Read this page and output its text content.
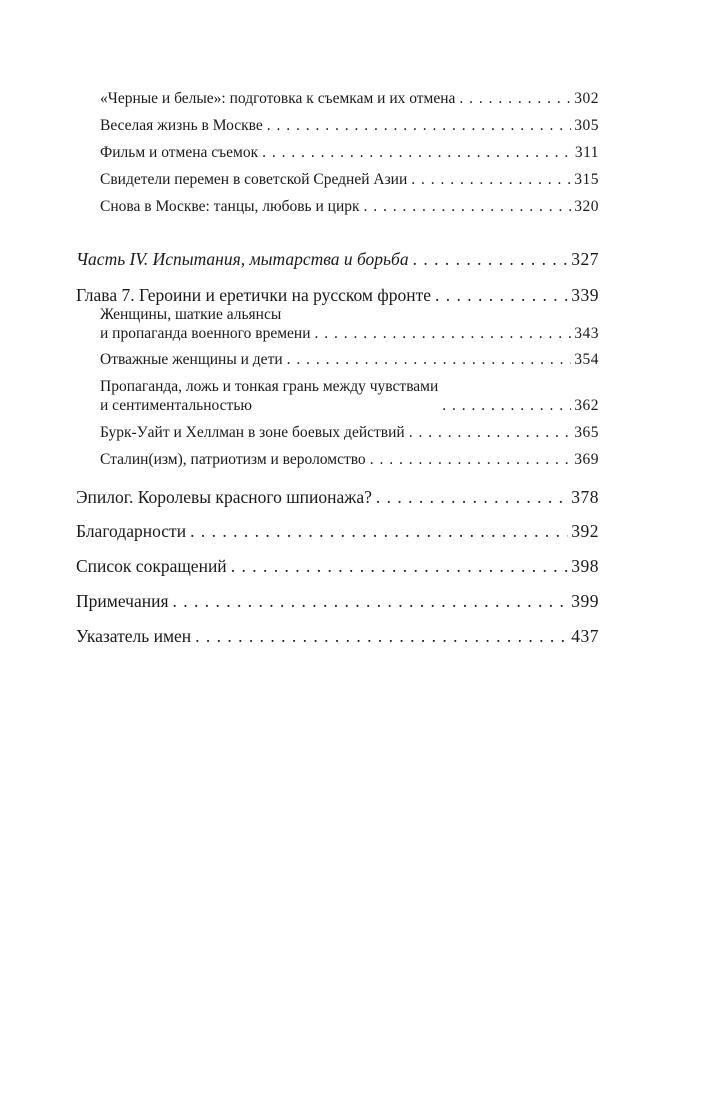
«Черные и белые»: подготовка к съемкам и их отмена . . .	302
Веселая жизнь в Москве . . .	305
Фильм и отмена съемок . . .	311
Свидетели перемен в советской Средней Азии . . .	315
Снова в Москве: танцы, любовь и цирк . . .	320
Часть IV. Испытания, мытарства и борьба . . .	327
Глава 7. Героини и еретички на русском фронте . . .	339
Женщины, шаткие альянсы
и пропаганда военного времени . . .	343
Отважные женщины и дети . . .	354
Пропаганда, ложь и тонкая грань между чувствами
и сентиментальностью . . .	362
Бурк-Уайт и Хеллман в зоне боевых действий . . .	365
Сталин(изм), патриотизм и вероломство . . .	369
Эпилог. Королевы красного шпионажа? . . .	378
Благодарности . . .	392
Список сокращений . . .	398
Примечания . . .	399
Указатель имен . . .	437
